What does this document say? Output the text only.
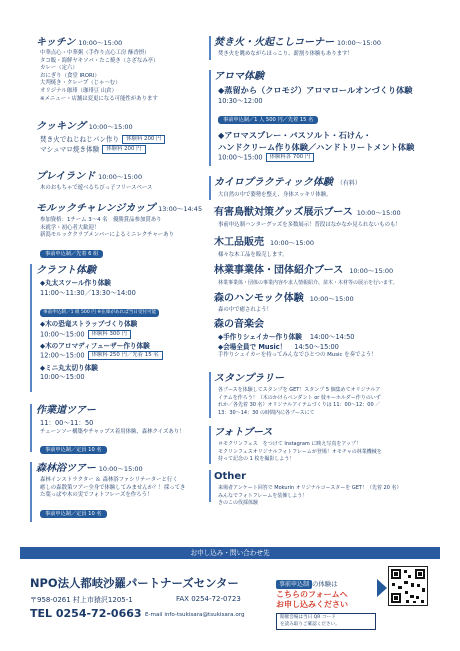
キッチン 10:00～15:00
中華点心・中華粥（手作り点心工房 酥香摂）
タコ飯・海鮮ヤキソバ・たこ焼き（さざなみ亭）
カレー（定六）
おにぎり（食堂 IRORI）
大判焼き・クレープ（じゃ〜む）
オリジナル珈琲（珈琲豆 山倉）
※メニュー・店舗は変更になる可能性があります
クッキング 10:00～15:00
焚き火でねじねじパン作り 体験料 200 円
マシュマロ焼き体験 体験料 200 円
プレイランド 10:00～15:00
木のおもちゃで遊べるちびっ子フリースペース
モルックチャレンジカップ 13:00～14:45
参加資格：1チーム 3～4 名　優勝賞品参加賞あり
未就学・初心者大歓迎！
新潟モルッククラブメンバーによるミニレクチャーあり
事前申込制／先着 6 組
クラフト体験
◆丸太スツール作り体験
11:00～11:30／13:30～14:00
事前申込制／1 組 500 円 ※在庫があれば当日受付可能
◆木の恐竜ストラップづくり体験
10:00～15:00 体験料 300 円
◆木のアロマディフューザー作り体験
12:00～15:00 体験料 250 円／先着 15 名
◆ミニ丸太切り体験
10:00～15:00
作業道ツアー
11：00～11：50
チェーンソー構築やチャップス着用体験、森林クイズあり！
事前申込制／定員 10 名
森林浴ツアー 10:00～15:00
森林インストラクター ＆ 森林浴ファシリテーターと行く
癒しの森散策ツアー全身で体験してみませんか？！採ってき
た葉っぱや木の実でフォトフレーズを作ろう！
事前申込制／定員 10 名
焚き火・火起こしコーナー 10:00～15:00
焚き火を眺めながらほっこり、薪割り体験もあります！
アロマ体験
◆蒸留から（クロモジ）アロマロールオンづくり体験
10:30～12:00
事前申込制／1 人 500 円／先着 15 名
◆アロマスプレー・バスソルト・石けん・
ハンドクリーム作り体験／ハンドトリートメント体験
10:00～15:00 体験料各 700 円
カイロプラクティック体験 （有料）
大自然の中で姿勢を整え、身体スッキリ体験。
有害鳥獣対策グッズ展示ブース 10:00～15:00
事前申込制ハンターグッズを多数展示！普段はなかなか見られないものも！
木工品販売 10:00～15:00
様々な木工品を販売します。
林業事業体・団体紹介ブース 10:00～15:00
林業事業体・団体の事業内容や求人情報紹介、苗木・木材等の展示を行います。
森のハンモック体験 10:00～15:00
森の中で癒されよう！
森の音楽会
◆手作りシェイカー作り体験 14:00～14:50
◆会場全員で Music！ 14:50～15:00
手作りシェイカーを持ってみんなでひとつの Music を奏でよう！
スタンプラリー
各ブースを体験してスタンプを GET！スタンプ 5 個集めてオリジナルア
イテムを作ろう！（木のかけらペンダント or 枝キーホルダー作りのいず
れか／各先着 30 名）オリジナルアイテムづくりは 11：00～12：00 ／
13：30～14：30 の時間内に各ブースにて
フォトブース
＃モクリンフェス　をつけて Instagram に映え写真をアップ！
モクリンフェスオリジナルフォトフレームが登場！オモチャの林業機械を
持って記念の 1 枚を撮影しよう！
Other
来場者アンケート回答で Mokurin オリジナルコースターを GET！（先着 20 名）
みんなでフォトフレームを装飾しよう！
きのこの伐採体験
お申し込み・問い合わせ先
NPO法人都岐沙羅パートナーズセンター
〒958-0261 村上市猿沢1205-1	FAX 0254-72-0723
TEL 0254-72-0663 E-mail info-tsukisara@tsukisara.org
事前申込制 の体験は
こちらのフォームへ
お申し込みください
開催会場は当日 QR コード
を読み取りご確認ください。
